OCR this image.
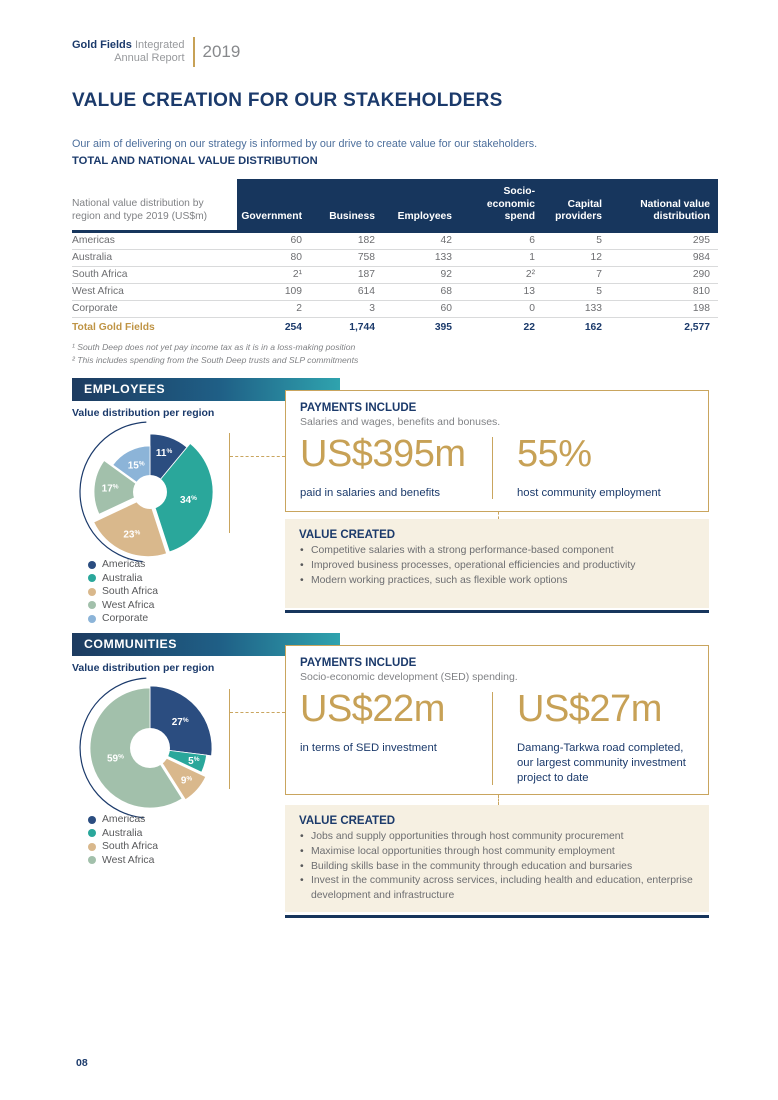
Gold Fields Integrated
Annual Report 2019
VALUE CREATION FOR OUR STAKEHOLDERS
Our aim of delivering on our strategy is informed by our drive to create value for our stakeholders.
TOTAL AND NATIONAL VALUE DISTRIBUTION
National value distribution by region and type 2019 (US$m)	Government	Business	Employees	Socio-economic spend	Capital providers	National value distribution
Americas	60	182	42	6	5	295
Australia	80	758	133	1	12	984
South Africa	2¹	187	92	2²	7	290
West Africa	109	614	68	13	5	810
Corporate	2	3	60	0	133	198
Total Gold Fields	254	1,744	395	22	162	2,577
¹ South Deep does not yet pay income tax as it is in a loss-making position
² This includes spending from the South Deep trusts and SLP commitments
EMPLOYEES
Value distribution per region
11%
34%
23%
17%
15%
Americas
Australia
South Africa
West Africa
Corporate
PAYMENTS INCLUDE
Salaries and wages, benefits and bonuses.
US$395m
paid in salaries and benefits
55%
host community employment
VALUE CREATED
• Competitive salaries with a strong performance-based component
• Improved business processes, operational efficiencies and productivity
• Modern working practices, such as flexible work options
COMMUNITIES
Value distribution per region
27%
5%
9%
59%
Americas
Australia
South Africa
West Africa
PAYMENTS INCLUDE
Socio-economic development (SED) spending.
US$22m
in terms of SED investment
US$27m
Damang-Tarkwa road completed, our largest community investment project to date
VALUE CREATED
• Jobs and supply opportunities through host community procurement
• Maximise local opportunities through host community employment
• Building skills base in the community through education and bursaries
• Invest in the community across services, including health and education, enterprise development and infrastructure
08
